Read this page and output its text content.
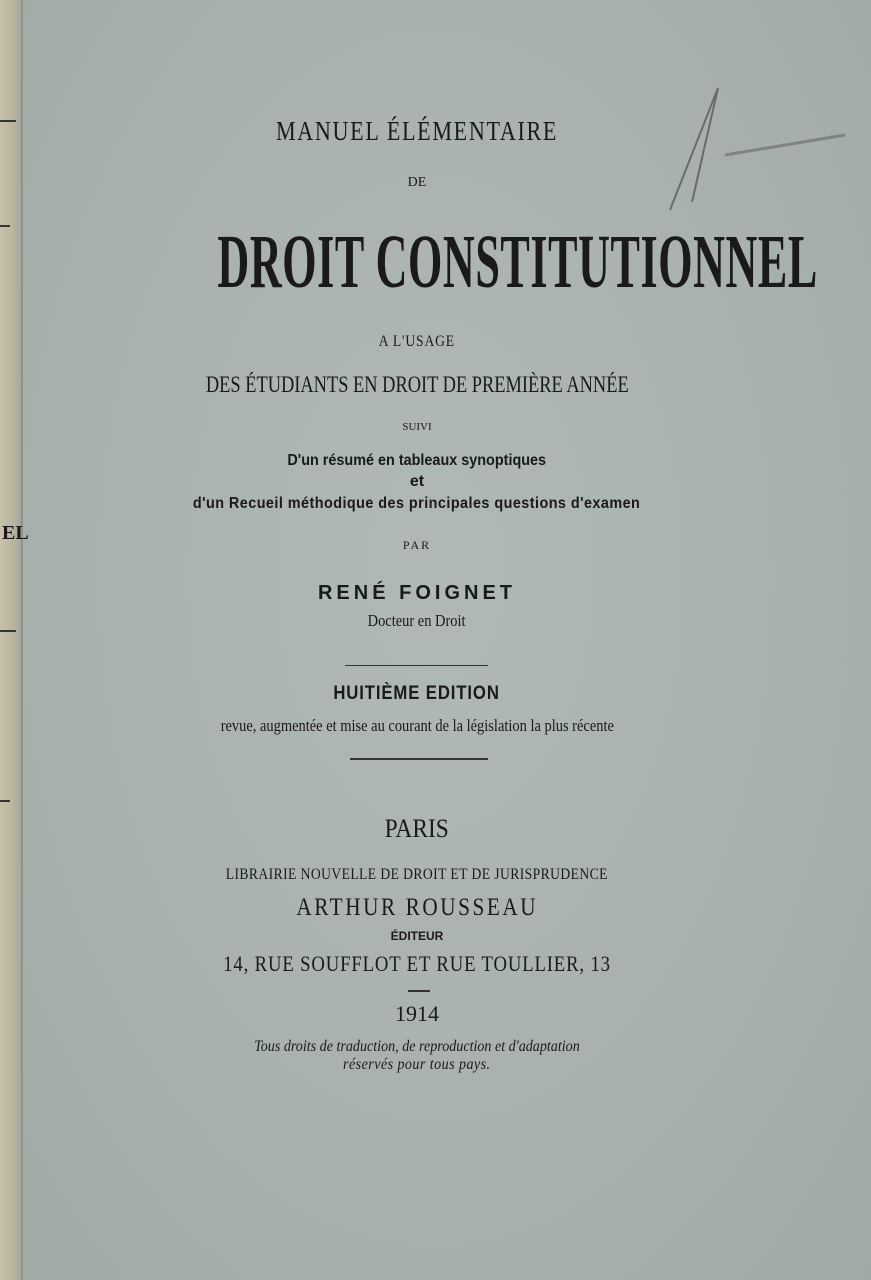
EL
MANUEL ÉLÉMENTAIRE
DE
DROIT CONSTITUTIONNEL
A L'USAGE
DES ÉTUDIANTS EN DROIT DE PREMIÈRE ANNÉE
SUIVI
D'un résumé en tableaux synoptiques
et
d'un Recueil méthodique des principales questions d'examen
PAR
RENÉ FOIGNET
Docteur en Droit
HUITIÈME EDITION
revue, augmentée et mise au courant de la législation la plus récente
PARIS
LIBRAIRIE NOUVELLE DE DROIT ET DE JURISPRUDENCE
ARTHUR ROUSSEAU
ÉDITEUR
14, RUE SOUFFLOT ET RUE TOULLIER, 13
1914
Tous droits de traduction, de reproduction et d'adaptation
réservés pour tous pays.
